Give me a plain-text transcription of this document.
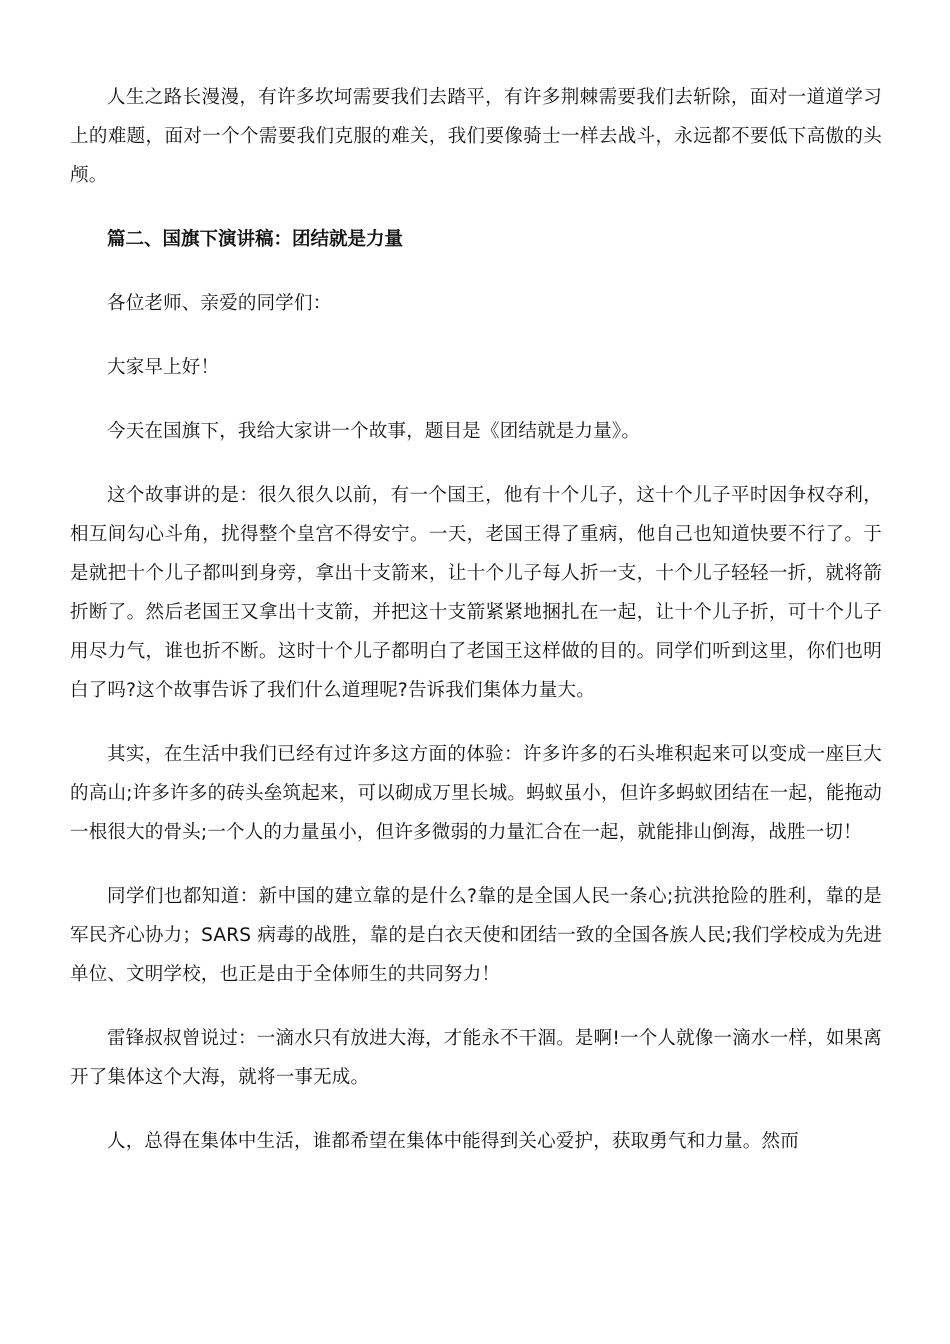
人生之路长漫漫，有许多坎坷需要我们去踏平，有许多荆棘需要我们去斩除，面对一道道学习上的难题，面对一个个需要我们克服的难关，我们要像骑士一样去战斗，永远都不要低下高傲的头颅。

篇二、国旗下演讲稿：团结就是力量

各位老师、亲爱的同学们：

大家早上好！

今天在国旗下，我给大家讲一个故事，题目是《团结就是力量》。

这个故事讲的是：很久很久以前，有一个国王，他有十个儿子，这十个儿子平时因争权夺利，相互间勾心斗角，扰得整个皇宫不得安宁。一天，老国王得了重病，他自己也知道快要不行了。于是就把十个儿子都叫到身旁，拿出十支箭来，让十个儿子每人折一支，十个儿子轻轻一折，就将箭折断了。然后老国王又拿出十支箭，并把这十支箭紧紧地捆扎在一起，让十个儿子折，可十个儿子用尽力气，谁也折不断。这时十个儿子都明白了老国王这样做的目的。同学们听到这里，你们也明白了吗?这个故事告诉了我们什么道理呢?告诉我们集体力量大。

其实，在生活中我们已经有过许多这方面的体验：许多许多的石头堆积起来可以变成一座巨大的高山;许多许多的砖头垒筑起来，可以砌成万里长城。蚂蚁虽小，但许多蚂蚁团结在一起，能拖动一根很大的骨头;一个人的力量虽小，但许多微弱的力量汇合在一起，就能排山倒海，战胜一切！

同学们也都知道：新中国的建立靠的是什么?靠的是全国人民一条心;抗洪抢险的胜利，靠的是军民齐心协力；SARS 病毒的战胜，靠的是白衣天使和团结一致的全国各族人民;我们学校成为先进单位、文明学校，也正是由于全体师生的共同努力！

雷锋叔叔曾说过：一滴水只有放进大海，才能永不干涸。是啊!一个人就像一滴水一样，如果离开了集体这个大海，就将一事无成。

人，总得在集体中生活，谁都希望在集体中能得到关心爱护，获取勇气和力量。然而
